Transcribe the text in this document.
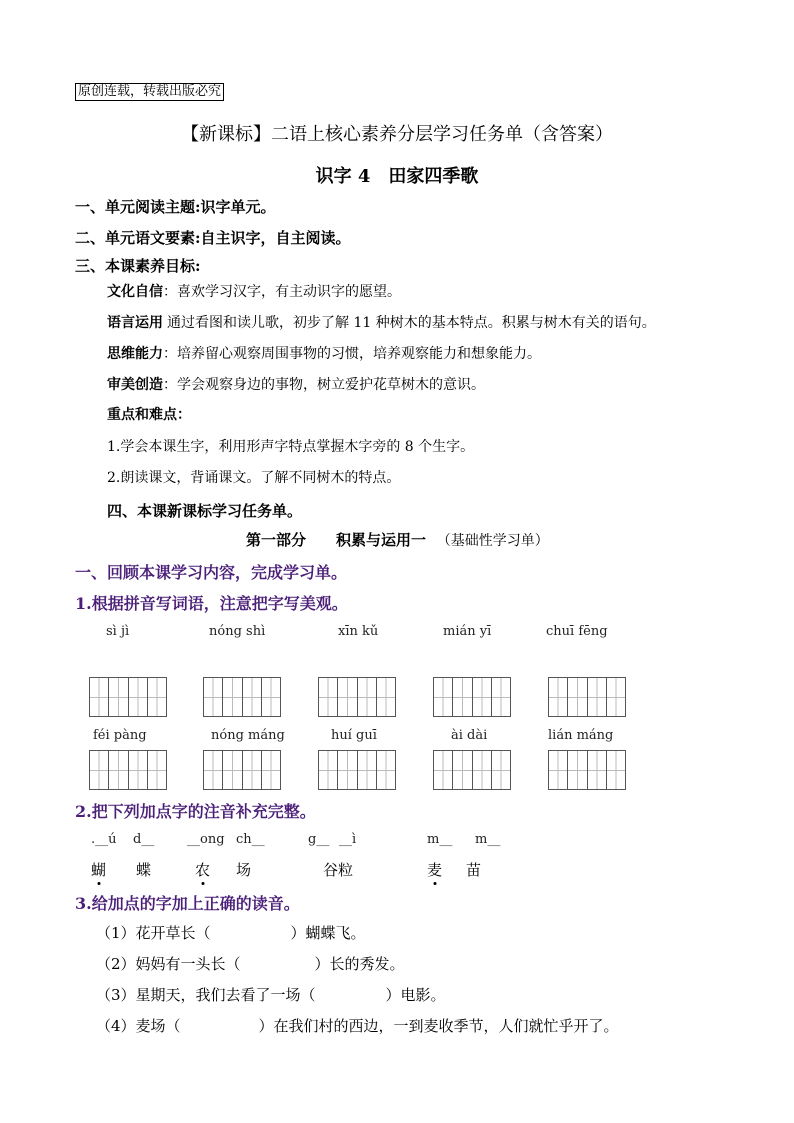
原创连载，转载出版必究
【新课标】二语上核心素养分层学习任务单（含答案）
识字 4　田家四季歌
一、单元阅读主题:识字单元。
二、单元语文要素:自主识字，自主阅读。
三、本课素养目标:
文化自信：喜欢学习汉字，有主动识字的愿望。
语言运用 通过看图和读儿歌，初步了解 11 种树木的基本特点。积累与树木有关的语句。
思维能力：培养留心观察周围事物的习惯，培养观察能力和想象能力。
审美创造：学会观察身边的事物，树立爱护花草树木的意识。
重点和难点：
1.学会本课生字，利用形声字特点掌握木字旁的 8 个生字。
2.朗读课文，背诵课文。了解不同树木的特点。
四、本课新课标学习任务单。
第一部分　　积累与运用一 （基础性学习单）
一、回顾本课学习内容，完成学习单。
1.根据拼音写词语，注意把字写美观。
sì jì	nóng shì	xīn kǔ	mián yī	chuī fēng
féi pàng	nóng máng	huí guī	ài dài	lián máng
2.把下列加点字的注音补充完整。
.__ú d__	__ong ch__	g__ __ì	m__ m__
蝴 蝶	农 场	谷粒	麦 苗
3.给加点的字加上正确的读音。
（1）花开草长（	）蝴蝶飞。
（2）妈妈有一头长（	）长的秀发。
（3）星期天，我们去看了一场（	）电影。
（4）麦场（	）在我们村的西边，一到麦收季节，人们就忙乎开了。
